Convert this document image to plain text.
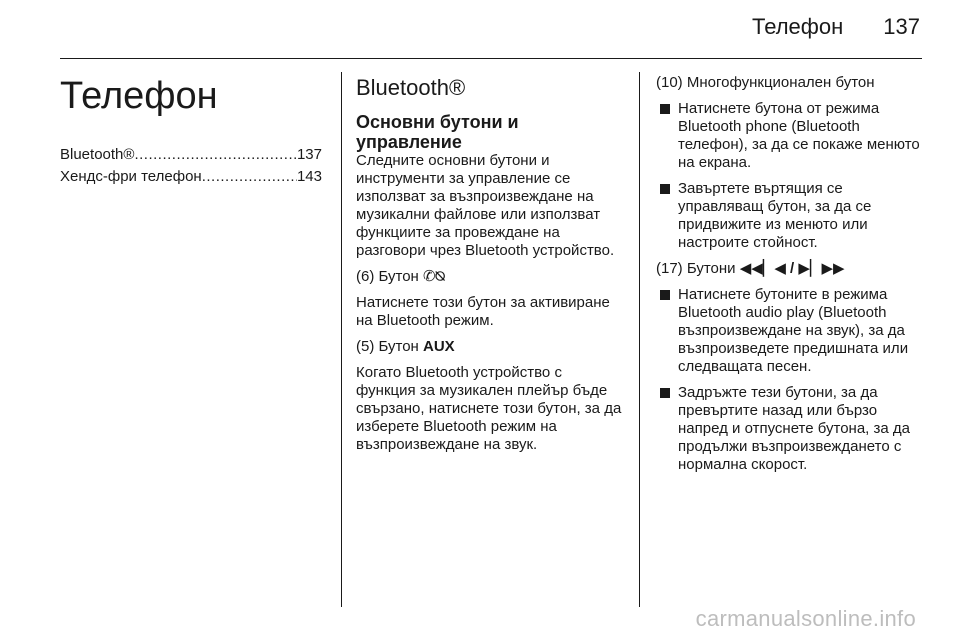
Телефон 137
Телефон
Bluetooth® .....	137
Хендс-фри телефон .....	143
Bluetooth®
Основни бутони и управление

Следните основни бутони и инструменти за управление се използват за възпроизвеждане на музикални файлове или използват функциите за провеждане на разговори чрез Bluetooth устройство.

(6) Бутон ✆⍉

Натиснете този бутон за активиране на Bluetooth режим.

(5) Бутон AUX

Когато Bluetooth устройство с функция за музикален плейър бъде свързано, натиснете този бутон, за да изберете Bluetooth режим на възпроизвеждане на звук.

(10) Многофункционален бутон
Натиснете бутона от режима Bluetooth phone (Bluetooth телефон), за да се покаже менюто на екрана.
Завъртете въртящия се управляващ бутон, за да се придвижите из менюто или настроите стойност.
(17) Бутони ◀◀▏◀ / ▶▏▶▶
Натиснете бутоните в режима Bluetooth audio play (Bluetooth възпроизвеждане на звук), за да възпроизведете предишната или следващата песен.
Задръжте тези бутони, за да превъртите назад или бързо напред и отпуснете бутона, за да продължи възпроизвеждането с нормална скорост.
carmanualsonline.info
